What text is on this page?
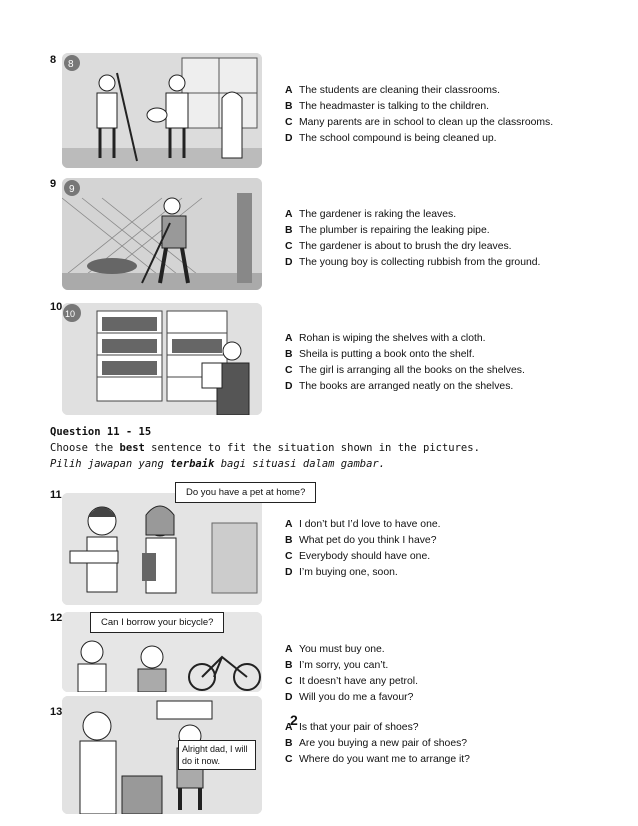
8 8
A The students are cleaning their classrooms.
B The headmaster is talking to the children.
C Many parents are in school to clean up the classrooms.
D The school compound is being cleaned up.
9 9
A The gardener is raking the leaves.
B The plumber is repairing the leaking pipe.
C The gardener is about to brush the dry leaves.
D The young boy is collecting rubbish from the ground.
10
10
A Rohan is wiping the shelves with a cloth.
B Sheila is putting a book onto the shelf.
C The girl is arranging all the books on the shelves.
D The books are arranged neatly on the shelves.
Question 11 - 15
Choose the best sentence to fit the situation shown in the pictures.
Pilih jawapan yang terbaik bagi situasi dalam gambar.
11	Do you have a pet at home?
A I don’t but I’d love to have one.
B What pet do you think I have?
C Everybody should have one.
D I’m buying one, soon.
12	Can I borrow your bicycle?
A You must buy one.
B I’m sorry, you can’t.
C It doesn’t have any petrol.
D Will you do me a favour?
13
Alright dad, I will do it now.
2
A Is that your pair of shoes?
B Are you buying a new pair of shoes?
C Where do you want me to arrange it?
